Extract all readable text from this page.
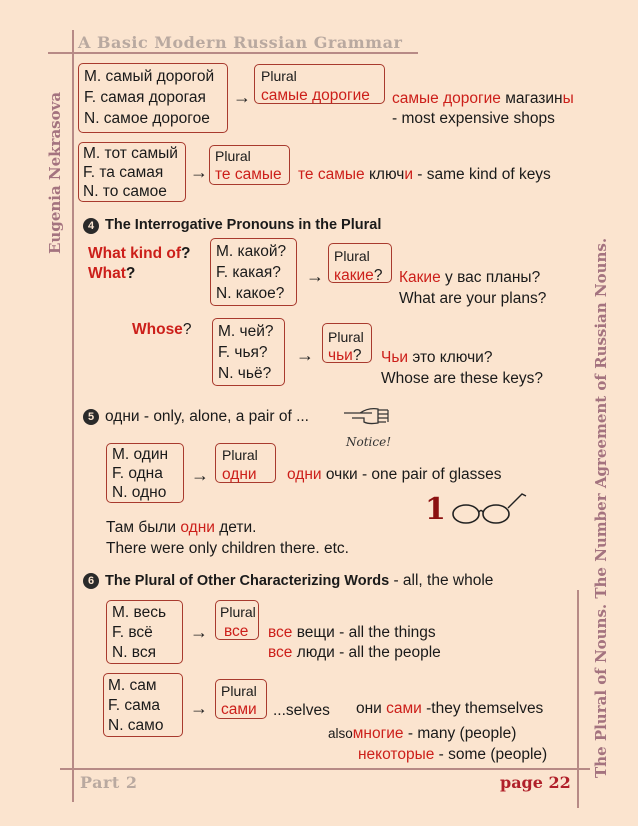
A Basic Modern Russian Grammar
Eugenia Nekrasova
The Plural of Nouns. The Number Agreement of Russian Nouns.
Part 2	page 22
М. самый дорогой
F. самая дорогая
N. самое дорогое
→
Plural
самые дорогие самые дорогие магазины
- most expensive shops
М. тот самый
F. та самая
N. то самое
→
Plural
те самые те самые ключи - same kind of keys
4 The Interrogative Pronouns in the Plural
What kind of?
What?
М. какой?
F. какая?
N. какое?
→
Plural
какие? Какие у вас планы?
What are your plans?
Whose? М. чей?
F. чья?
N. чьё?
→
Plural
чьи? Чьи это ключи?
Whose are these keys?
5 одни - only, alone, a pair of ...
Notice!
М. один
F. одна
N. одно
→
Plural
одни одни очки - one pair of glasses
1
Там были одни дети.
There were only children there. etc.
6 The Plural of Other Characterizing Words - all, the whole
М. весь
F. всё
N. вся
→
Plural
все все вещи - all the things
все люди - all the people
М. сам
F. сама
N. само
→
Plural
сами ...selves они сами -they themselves
alsoмногие - many (people)
некоторые - some (people)
